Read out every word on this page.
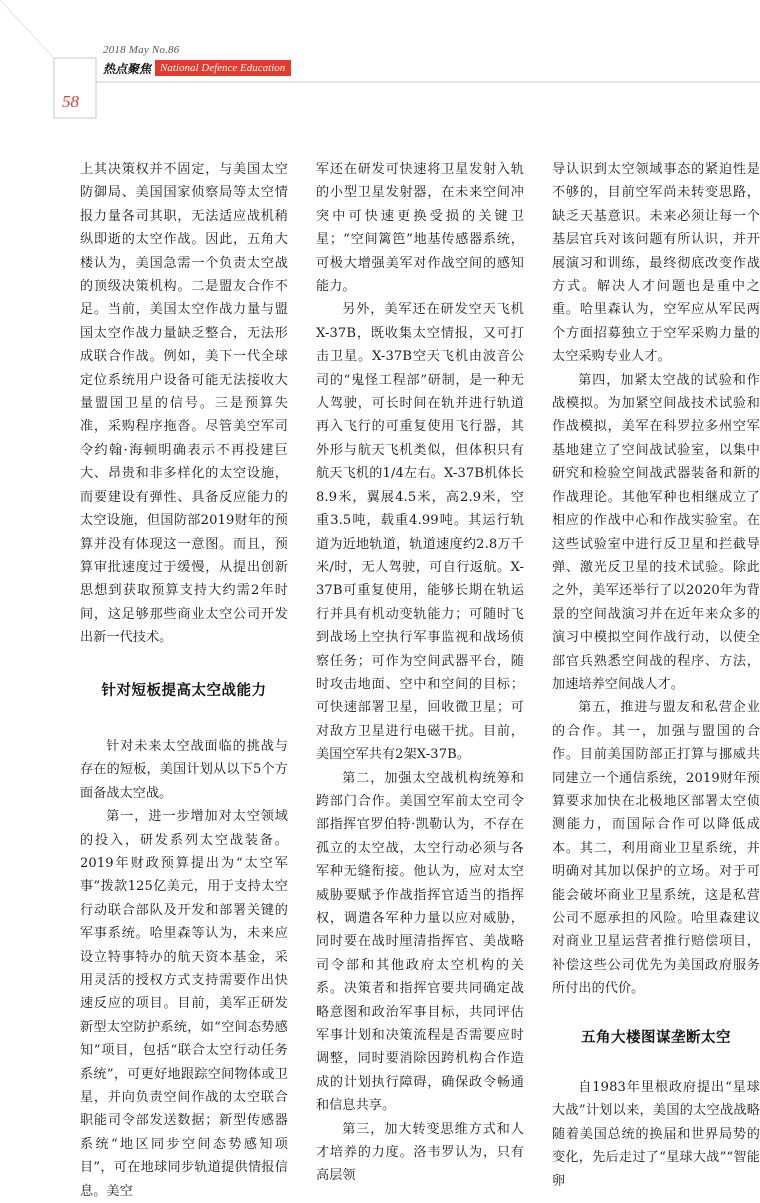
2018 May No.86
热点聚焦 National Defence Education
58

上其决策权并不固定，与美国太空防御局、美国国家侦察局等太空情报力量各司其职，无法适应战机稍纵即逝的太空作战。因此，五角大楼认为，美国急需一个负责太空战的顶级决策机构。二是盟友合作不足。当前，美国太空作战力量与盟国太空作战力量缺乏整合，无法形成联合作战。例如，美下一代全球定位系统用户设备可能无法接收大量盟国卫星的信号。三是预算失准，采购程序拖沓。尽管美空军司令约翰·海顿明确表示不再投建巨大、昂贵和非多样化的太空设施，而要建设有弹性、具备反应能力的太空设施，但国防部2019财年的预算并没有体现这一意图。而且，预算审批速度过于缓慢，从提出创新思想到获取预算支持大约需2年时间，这足够那些商业太空公司开发出新一代技术。

针对短板提高太空战能力

针对未来太空战面临的挑战与存在的短板，美国计划从以下5个方面备战太空战。

第一，进一步增加对太空领域的投入，研发系列太空战装备。2019年财政预算提出为“太空军事”拨款125亿美元，用于支持太空行动联合部队及开发和部署关键的军事系统。哈里森等认为，未来应设立特事特办的航天资本基金，采用灵活的授权方式支持需要作出快速反应的项目。目前，美军正研发新型太空防护系统，如“空间态势感知”项目，包括“联合太空行动任务系统”，可更好地跟踪空间物体或卫星，并向负责空间作战的太空联合职能司令部发送数据；新型传感器系统“地区同步空间态势感知项目”，可在地球同步轨道提供情报信息。美空

军还在研发可快速将卫星发射入轨的小型卫星发射器，在未来空间冲突中可快速更换受损的关键卫星；“空间篱笆”地基传感器系统，可极大增强美军对作战空间的感知能力。

另外，美军还在研发空天飞机X-37B，既收集太空情报，又可打击卫星。X-37B空天飞机由波音公司的“鬼怪工程部”研制，是一种无人驾驶，可长时间在轨并进行轨道再入飞行的可重复使用飞行器，其外形与航天飞机类似，但体积只有航天飞机的1/4左右。X-37B机体长8.9米，翼展4.5米，高2.9米，空重3.5吨，载重4.99吨。其运行轨道为近地轨道，轨道速度约2.8万千米/时，无人驾驶，可自行返航。X-37B可重复使用，能够长期在轨运行并具有机动变轨能力；可随时飞到战场上空执行军事监视和战场侦察任务；可作为空间武器平台，随时攻击地面、空中和空间的目标；可快速部署卫星，回收微卫星；可对敌方卫星进行电磁干扰。目前，美国空军共有2架X-37B。

第二，加强太空战机构统筹和跨部门合作。美国空军前太空司令部指挥官罗伯特·凯勒认为，不存在孤立的太空战，太空行动必须与各军种无缝衔接。他认为，应对太空威胁要赋予作战指挥官适当的指挥权，调遣各军种力量以应对威胁，同时要在战时厘清指挥官、美战略司令部和其他政府太空机构的关系。决策者和指挥官要共同确定战略意图和政治军事目标，共同评估军事计划和决策流程是否需要应时调整，同时要消除因跨机构合作造成的计划执行障碍，确保政令畅通和信息共享。

第三，加大转变思维方式和人才培养的力度。洛韦罗认为，只有高层领

导认识到太空领域事态的紧迫性是不够的，目前空军尚未转变思路，缺乏天基意识。未来必须让每一个基层官兵对该问题有所认识，并开展演习和训练，最终彻底改变作战方式。解决人才问题也是重中之重。哈里森认为，空军应从军民两个方面招募独立于空军采购力量的太空采购专业人才。

第四，加紧太空战的试验和作战模拟。为加紧空间战技术试验和作战模拟，美军在科罗拉多州空军基地建立了空间战试验室，以集中研究和检验空间战武器装备和新的作战理论。其他军种也相继成立了相应的作战中心和作战实验室。在这些试验室中进行反卫星和拦截导弹、激光反卫星的技术试验。除此之外，美军还举行了以2020年为背景的空间战演习并在近年来众多的演习中模拟空间作战行动，以使全部官兵熟悉空间战的程序、方法，加速培养空间战人才。

第五，推进与盟友和私营企业的合作。其一，加强与盟国的合作。目前美国防部正打算与挪威共同建立一个通信系统，2019财年预算要求加快在北极地区部署太空侦测能力，而国际合作可以降低成本。其二，利用商业卫星系统，并明确对其加以保护的立场。对于可能会破坏商业卫星系统，这是私营公司不愿承担的风险。哈里森建议对商业卫星运营者推行赔偿项目，补偿这些公司优先为美国政府服务所付出的代价。

五角大楼图谋垄断太空

自1983年里根政府提出“星球大战”计划以来，美国的太空战战略随着美国总统的换届和世界局势的变化，先后走过了“星球大战”“智能卵
